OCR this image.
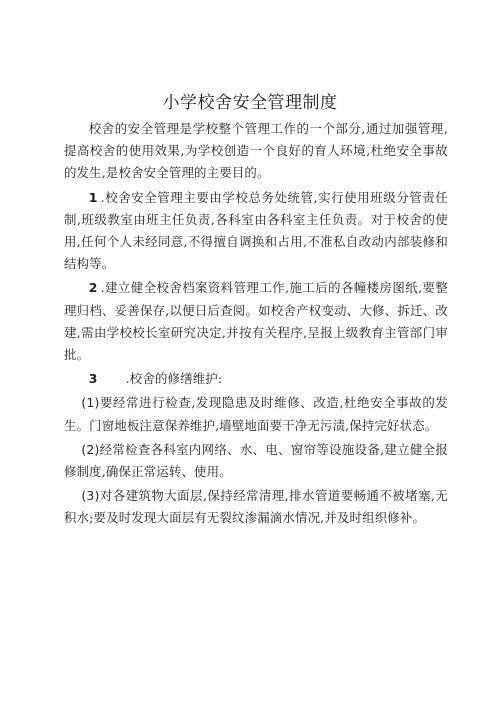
小学校舍安全管理制度

校舍的安全管理是学校整个管理工作的一个部分,通过加强管理,提高校舍的使用效果,为学校创造一个良好的育人环境,杜绝安全事故的发生,是校舍安全管理的主要目的。

1 .校舍安全管理主要由学校总务处统管,实行使用班级分管责任制,班级教室由班主任负责,各科室由各科室主任负责。对于校舍的使用,任何个人未经同意,不得擅自调换和占用,不准私自改动内部装修和结构等。

2 .建立健全校舍档案资料管理工作,施工后的各幢楼房图纸,要整理归档、妥善保存,以便日后查阅。如校舍产权变动、大修、拆迁、改建,需由学校校长室研究决定,并按有关程序,呈报上级教育主管部门审批。

3 .校舍的修缮维护:

(1)要经常进行检查,发现隐患及时维修、改造,杜绝安全事故的发生。门窗地板注意保养维护,墙壁地面要干净无污渍,保持完好状态。

(2)经常检查各科室内网络、水、电、窗帘等设施设备,建立健全报修制度,确保正常运转、使用。

(3)对各建筑物大面层,保持经常清理,排水管道要畅通不被堵塞,无积水;要及时发现大面层有无裂纹渗漏滴水情况,并及时组织修补。
